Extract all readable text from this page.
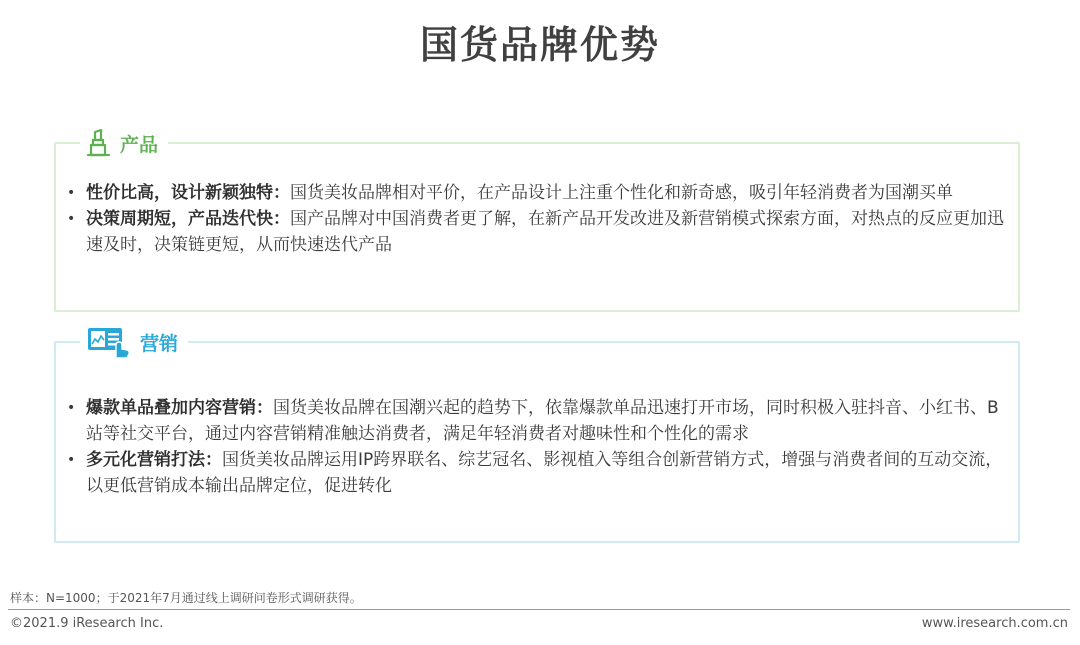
国货品牌优势
产品
• 性价比高，设计新颖独特：国货美妆品牌相对平价，在产品设计上注重个性化和新奇感，吸引年轻消费者为国潮买单
• 决策周期短，产品迭代快：国产品牌对中国消费者更了解，在新产品开发改进及新营销模式探索方面，对热点的反应更加迅速及时，决策链更短，从而快速迭代产品
营销
• 爆款单品叠加内容营销：国货美妆品牌在国潮兴起的趋势下，依靠爆款单品迅速打开市场，同时积极入驻抖音、小红书、B站等社交平台，通过内容营销精准触达消费者，满足年轻消费者对趣味性和个性化的需求
• 多元化营销打法：国货美妆品牌运用IP跨界联名、综艺冠名、影视植入等组合创新营销方式，增强与消费者间的互动交流，以更低营销成本输出品牌定位，促进转化
样本：N=1000；于2021年7月通过线上调研问卷形式调研获得。
©2021.9 iResearch Inc.	www.iresearch.com.cn
